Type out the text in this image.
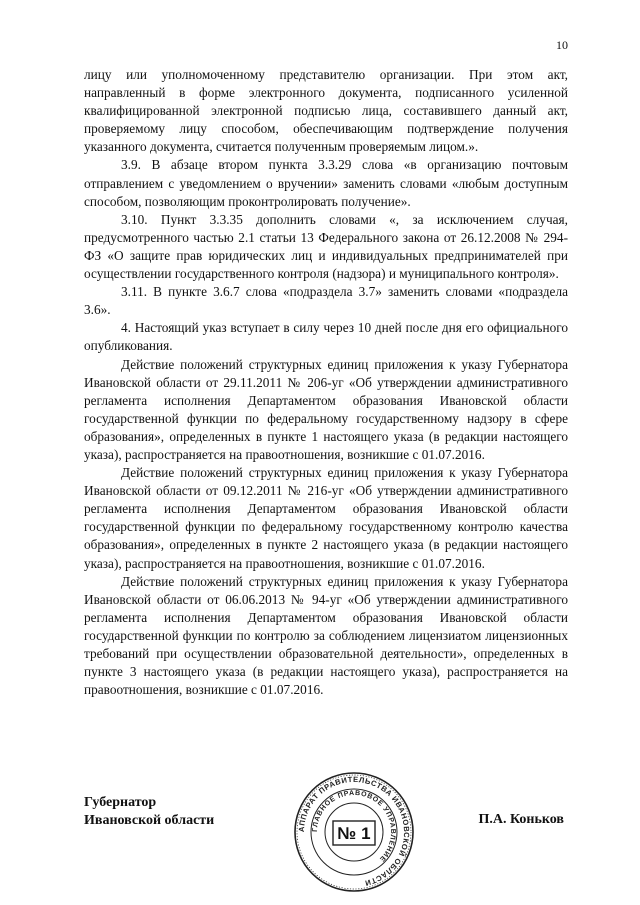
10

лицу или уполномоченному представителю организации. При этом акт, направленный в форме электронного документа, подписанного усиленной квалифицированной электронной подписью лица, составившего данный акт, проверяемому лицу способом, обеспечивающим подтверждение получения указанного документа, считается полученным проверяемым лицом.».

3.9. В абзаце втором пункта 3.3.29 слова «в организацию почтовым отправлением с уведомлением о вручении» заменить словами «любым доступным способом, позволяющим проконтролировать получение».

3.10. Пункт 3.3.35 дополнить словами «, за исключением случая, предусмотренного частью 2.1 статьи 13 Федерального закона от 26.12.2008 № 294-ФЗ «О защите прав юридических лиц и индивидуальных предпринимателей при осуществлении государственного контроля (надзора) и муниципального контроля».

3.11. В пункте 3.6.7 слова «подраздела 3.7» заменить словами «подраздела 3.6».

4. Настоящий указ вступает в силу через 10 дней после дня его официального опубликования.

Действие положений структурных единиц приложения к указу Губернатора Ивановской области от 29.11.2011 № 206-уг «Об утверждении административного регламента исполнения Департаментом образования Ивановской области государственной функции по федеральному государственному надзору в сфере образования», определенных в пункте 1 настоящего указа (в редакции настоящего указа), распространяется на правоотношения, возникшие с 01.07.2016.

Действие положений структурных единиц приложения к указу Губернатора Ивановской области от 09.12.2011 № 216-уг «Об утверждении административного регламента исполнения Департаментом образования Ивановской области государственной функции по федеральному государственному контролю качества образования», определенных в пункте 2 настоящего указа (в редакции настоящего указа), распространяется на правоотношения, возникшие с 01.07.2016.

Действие положений структурных единиц приложения к указу Губернатора Ивановской области от 06.06.2013 № 94-уг «Об утверждении административного регламента исполнения Департаментом образования Ивановской области государственной функции по контролю за соблюдением лицензиатом лицензионных требований при осуществлении образовательной деятельности», определенных в пункте 3 настоящего указа (в редакции настоящего указа), распространяется на правоотношения, возникшие с 01.07.2016.

Губернатор
Ивановской области
АППАРАТ ПРАВИТЕЛЬСТВА ИВАНОВСКОЙ ОБЛАСТИ
ГЛАВНОЕ ПРАВОВОЕ УПРАВЛЕНИЕ
№ 1
П.А. Коньков
